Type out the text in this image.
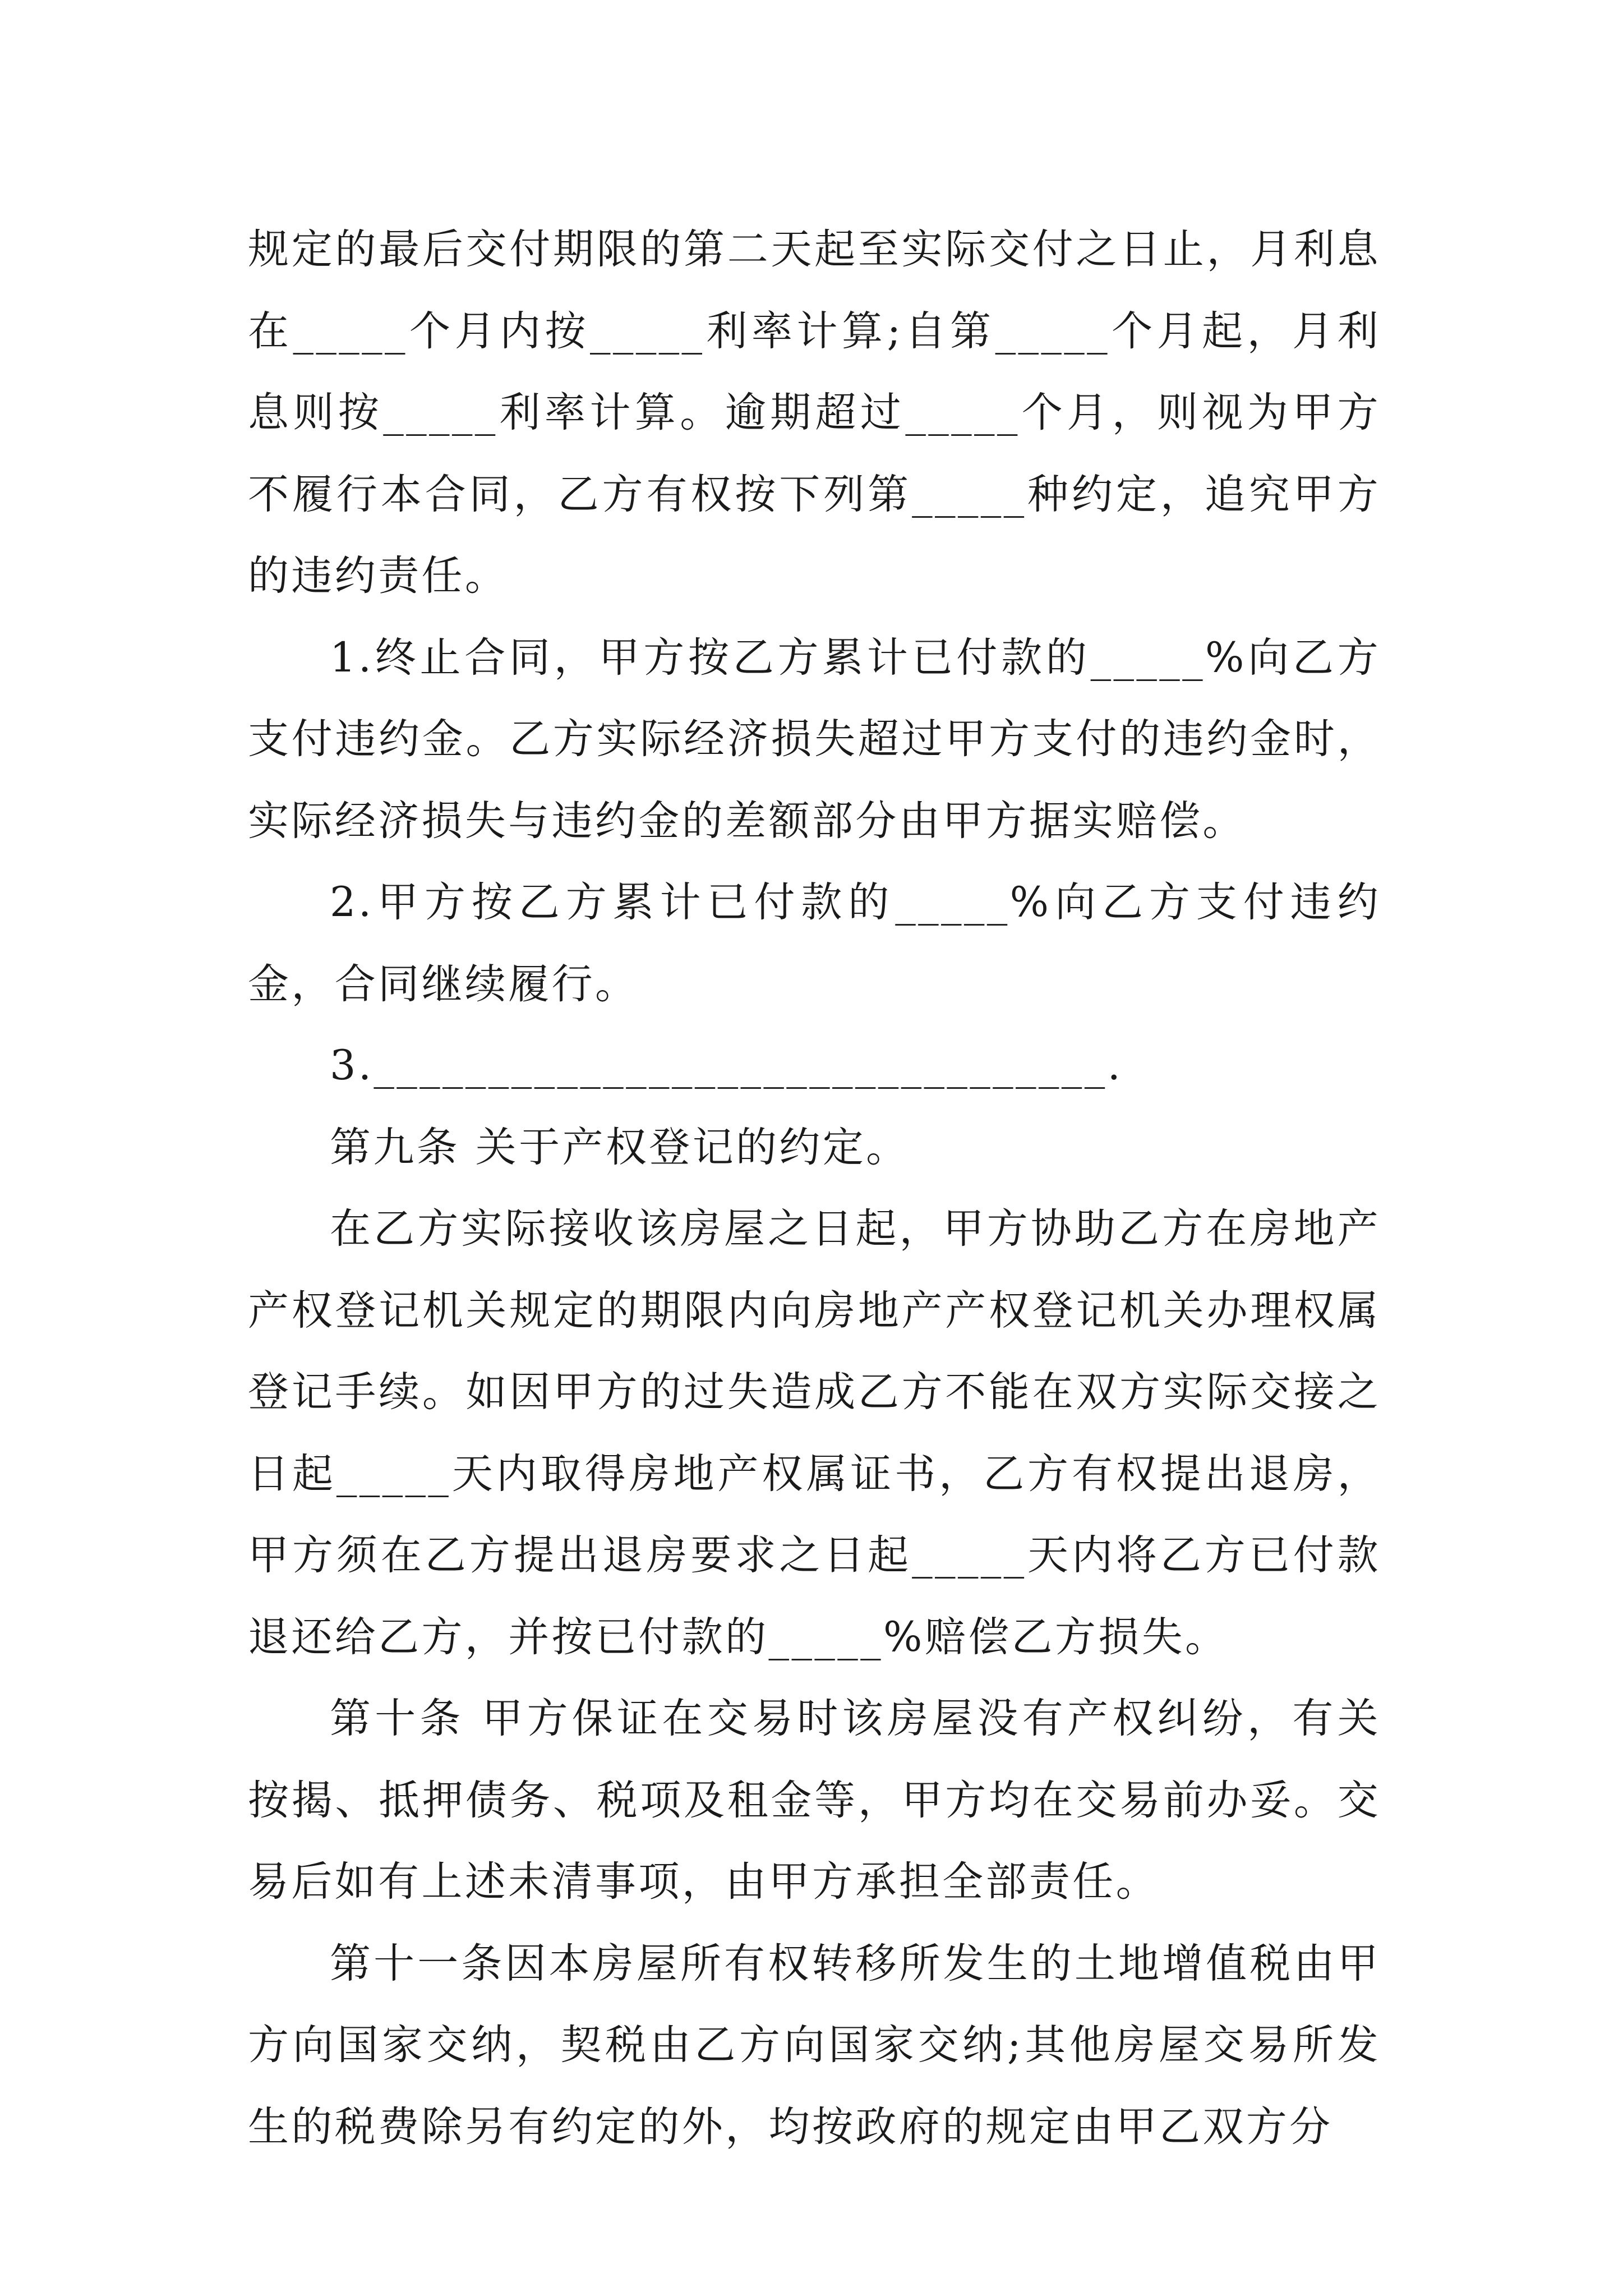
规定的最后交付期限的第二天起至实际交付之日止，月利息在_____个月内按_____利率计算;自第_____个月起，月利息则按_____利率计算。逾期超过_____个月，则视为甲方不履行本合同，乙方有权按下列第_____种约定，追究甲方的违约责任。

1.终止合同，甲方按乙方累计已付款的_____%向乙方支付违约金。乙方实际经济损失超过甲方支付的违约金时，实际经济损失与违约金的差额部分由甲方据实赔偿。

2.甲方按乙方累计已付款的_____%向乙方支付违约金，合同继续履行。

3.________________________________.

第九条 关于产权登记的约定。

在乙方实际接收该房屋之日起，甲方协助乙方在房地产产权登记机关规定的期限内向房地产产权登记机关办理权属登记手续。如因甲方的过失造成乙方不能在双方实际交接之日起_____天内取得房地产权属证书，乙方有权提出退房，甲方须在乙方提出退房要求之日起_____天内将乙方已付款退还给乙方，并按已付款的_____%赔偿乙方损失。

第十条 甲方保证在交易时该房屋没有产权纠纷，有关按揭、抵押债务、税项及租金等，甲方均在交易前办妥。交易后如有上述未清事项，由甲方承担全部责任。

第十一条因本房屋所有权转移所发生的土地增值税由甲方向国家交纳，契税由乙方向国家交纳;其他房屋交易所发生的税费除另有约定的外，均按政府的规定由甲乙双方分
